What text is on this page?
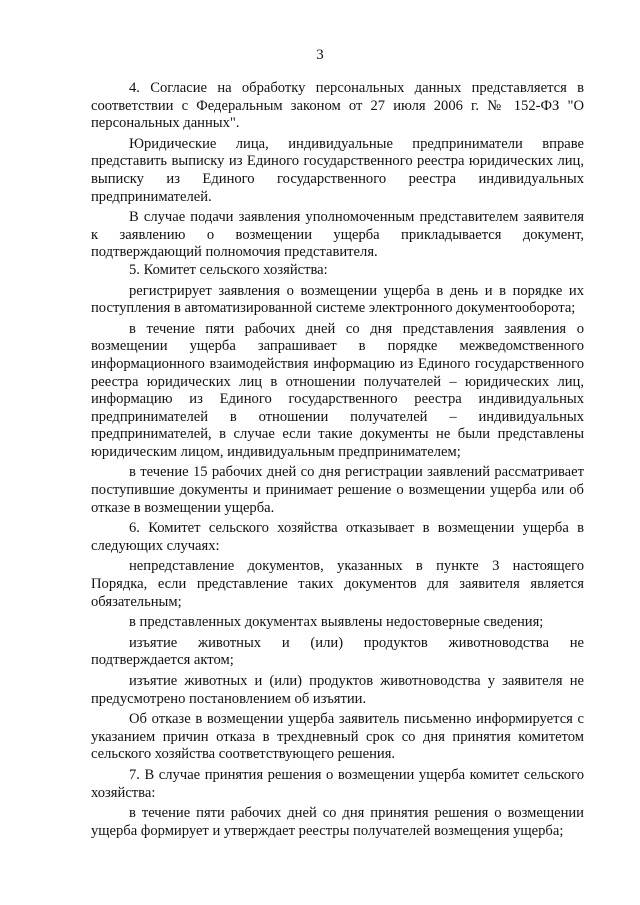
3

4. Согласие на обработку персональных данных представляется в соответствии с Федеральным законом от 27 июля 2006 г. № 152-ФЗ "О персональных данных".

Юридические лица, индивидуальные предприниматели вправе представить выписку из Единого государственного реестра юридических лиц, выписку из Единого государственного реестра индивидуальных предпринимателей.

В случае подачи заявления уполномоченным представителем заявителя к заявлению о возмещении ущерба прикладывается документ, подтверждающий полномочия представителя.

5. Комитет сельского хозяйства:

регистрирует заявления о возмещении ущерба в день и в порядке их поступления в автоматизированной системе электронного документооборота;

в течение пяти рабочих дней со дня представления заявления о возмещении ущерба запрашивает в порядке межведомственного информационного взаимодействия информацию из Единого государственного реестра юридических лиц в отношении получателей – юридических лиц, информацию из Единого государственного реестра индивидуальных предпринимателей в отношении получателей – индивидуальных предпринимателей, в случае если такие документы не были представлены юридическим лицом, индивидуальным предпринимателем;

в течение 15 рабочих дней со дня регистрации заявлений рассматривает поступившие документы и принимает решение о возмещении ущерба или об отказе в возмещении ущерба.

6. Комитет сельского хозяйства отказывает в возмещении ущерба в следующих случаях:

непредставление документов, указанных в пункте 3 настоящего Порядка, если представление таких документов для заявителя является обязательным;

в представленных документах выявлены недостоверные сведения;

изъятие животных и (или) продуктов животноводства не подтверждается актом;

изъятие животных и (или) продуктов животноводства у заявителя не предусмотрено постановлением об изъятии.

Об отказе в возмещении ущерба заявитель письменно информируется с указанием причин отказа в трехдневный срок со дня принятия комитетом сельского хозяйства соответствующего решения.

7. В случае принятия решения о возмещении ущерба комитет сельского хозяйства:

в течение пяти рабочих дней со дня принятия решения о возмещении ущерба формирует и утверждает реестры получателей возмещения ущерба;
